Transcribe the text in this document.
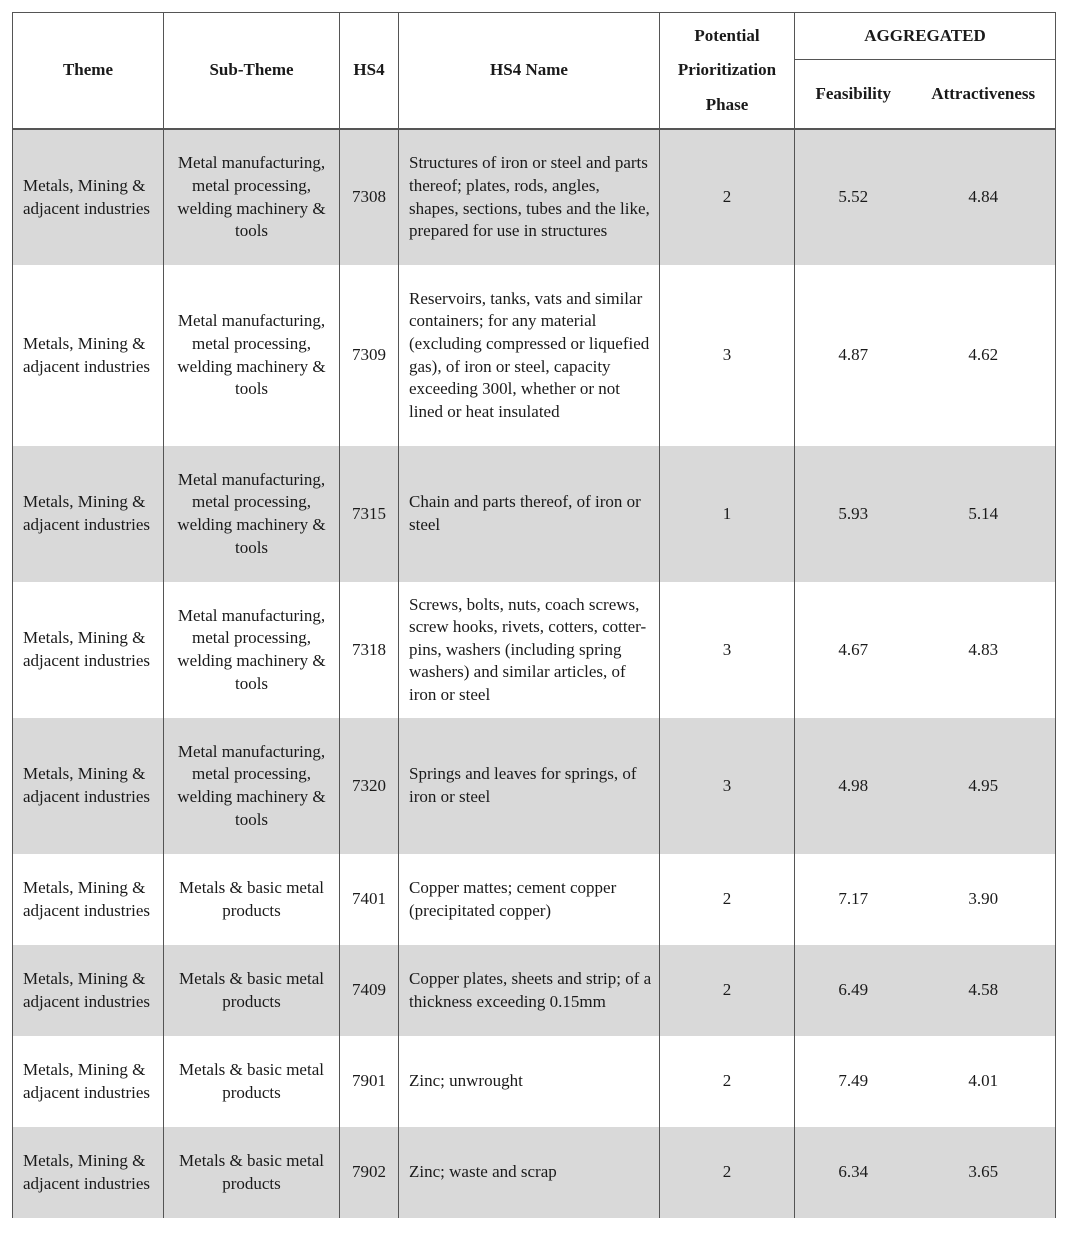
Theme	Sub-Theme	HS4	HS4 Name	Potential Prioritization Phase	AGGREGATED	
					Feasibility	Attractiveness
Metals, Mining & adjacent industries	Metal manufacturing, metal processing, welding machinery & tools	7308	Structures of iron or steel and parts thereof; plates, rods, angles, shapes, sections, tubes and the like, prepared for use in structures	2	5.52	4.84
Metals, Mining & adjacent industries	Metal manufacturing, metal processing, welding machinery & tools	7309	Reservoirs, tanks, vats and similar containers; for any material (excluding compressed or liquefied gas), of iron or steel, capacity exceeding 300l, whether or not lined or heat insulated	3	4.87	4.62
Metals, Mining & adjacent industries	Metal manufacturing, metal processing, welding machinery & tools	7315	Chain and parts thereof, of iron or steel	1	5.93	5.14
Metals, Mining & adjacent industries	Metal manufacturing, metal processing, welding machinery & tools	7318	Screws, bolts, nuts, coach screws, screw hooks, rivets, cotters, cotter-pins, washers (including spring washers) and similar articles, of iron or steel	3	4.67	4.83
Metals, Mining & adjacent industries	Metal manufacturing, metal processing, welding machinery & tools	7320	Springs and leaves for springs, of iron or steel	3	4.98	4.95
Metals, Mining & adjacent industries	Metals & basic metal products	7401	Copper mattes; cement copper (precipitated copper)	2	7.17	3.90
Metals, Mining & adjacent industries	Metals & basic metal products	7409	Copper plates, sheets and strip; of a thickness exceeding 0.15mm	2	6.49	4.58
Metals, Mining & adjacent industries	Metals & basic metal products	7901	Zinc; unwrought	2	7.49	4.01
Metals, Mining & adjacent industries	Metals & basic metal products	7902	Zinc; waste and scrap	2	6.34	3.65
